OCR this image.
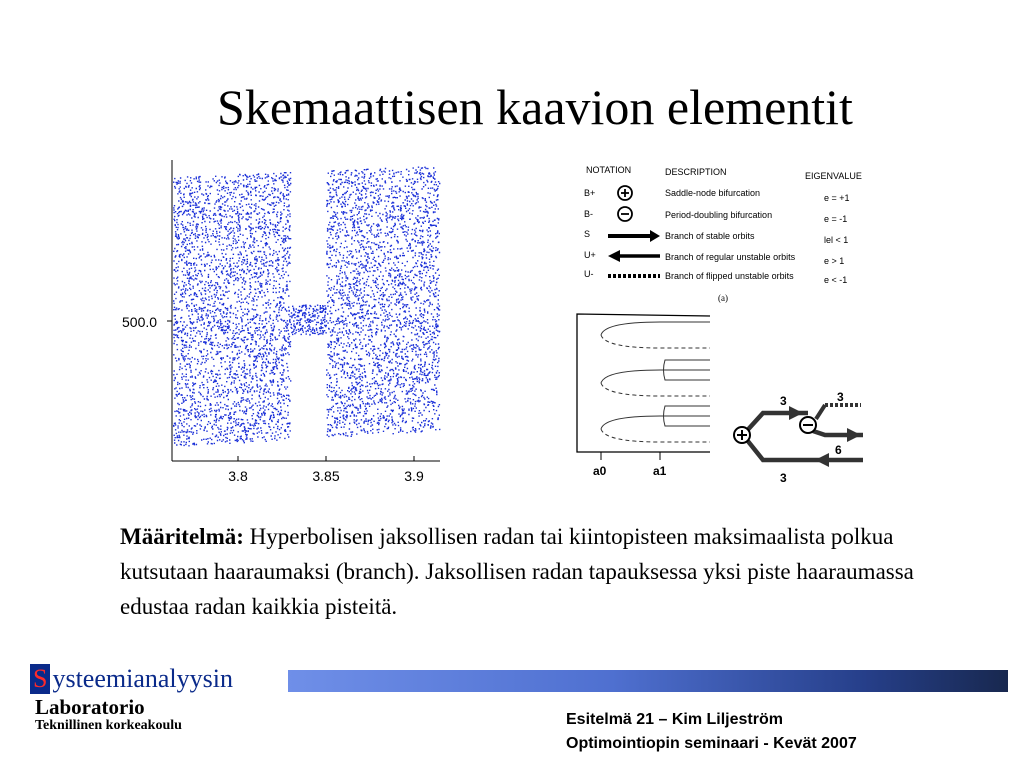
Skemaattisen kaavion elementit
500.0
3.8	3.85	3.9
NOTATION	DESCRIPTION	EIGENVALUE
B+	Saddle-node bifurcation	e = +1
B-	Period-doubling bifurcation	e = -1
S	Branch of stable orbits	lel < 1
U+	Branch of regular unstable orbits	e > 1
U-	Branch of flipped unstable orbits	e < -1
(a)
a0	a1
3	3
6
3
Määritelmä: Hyperbolisen jaksollisen radan tai kiintopisteen maksimaalista polkua kutsutaan haaraumaksi (branch). Jaksollisen radan tapauksessa yksi piste haaraumassa edustaa radan kaikkia pisteitä.
S ysteemianalyysin
Laboratorio
Teknillinen korkeakoulu	Esitelmä 21 – Kim Liljeström
Optimointiopin seminaari - Kevät 2007
